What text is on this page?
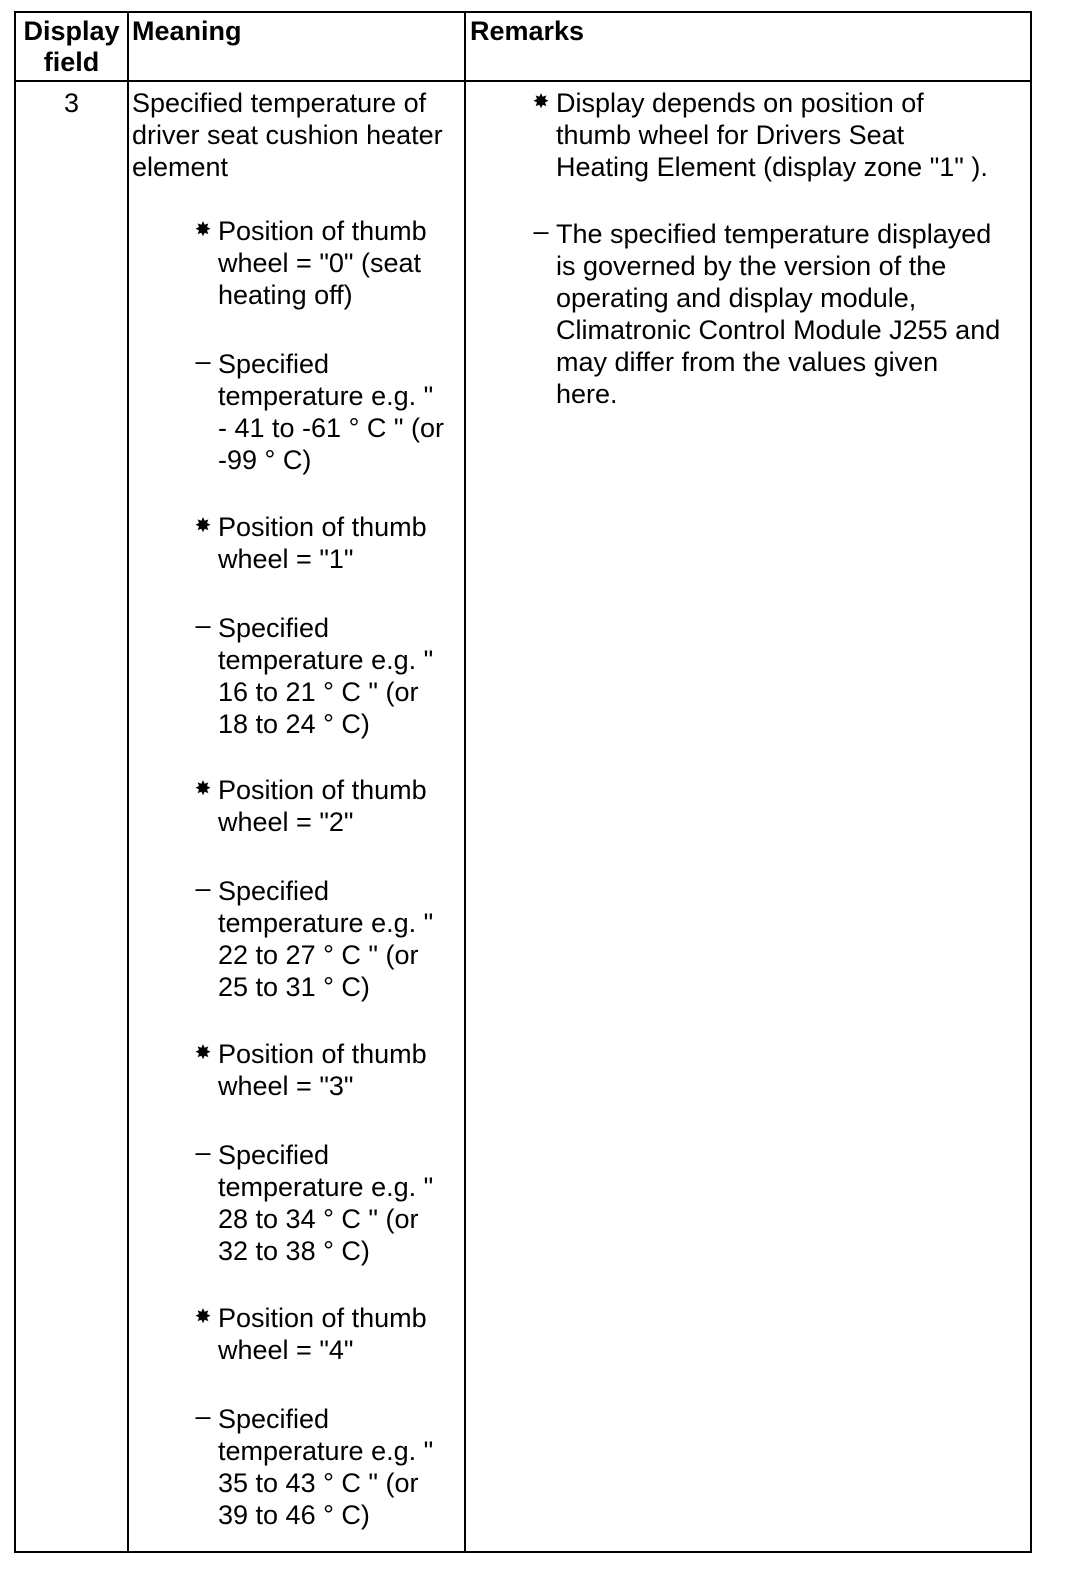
Display
field
Meaning	Remarks
3	Specified temperature of
driver seat cushion heater
element
✸ Position of thumb
wheel = "0" (seat
heating off)
– Specified
temperature e.g. "
- 41 to -61 ° C " (or
-99 ° C)
✸ Position of thumb
wheel = "1"
– Specified
temperature e.g. "
16 to 21 ° C " (or
18 to 24 ° C)
✸ Position of thumb
wheel = "2"
– Specified
temperature e.g. "
22 to 27 ° C " (or
25 to 31 ° C)
✸ Position of thumb
wheel = "3"
– Specified
temperature e.g. "
28 to 34 ° C " (or
32 to 38 ° C)
✸ Position of thumb
wheel = "4"
– Specified
temperature e.g. "
35 to 43 ° C " (or
39 to 46 ° C)
✸ Display depends on position of
thumb wheel for Drivers Seat
Heating Element (display zone "1" ).
– The specified temperature displayed
is governed by the version of the
operating and display module,
Climatronic Control Module J255 and
may differ from the values given
here.
